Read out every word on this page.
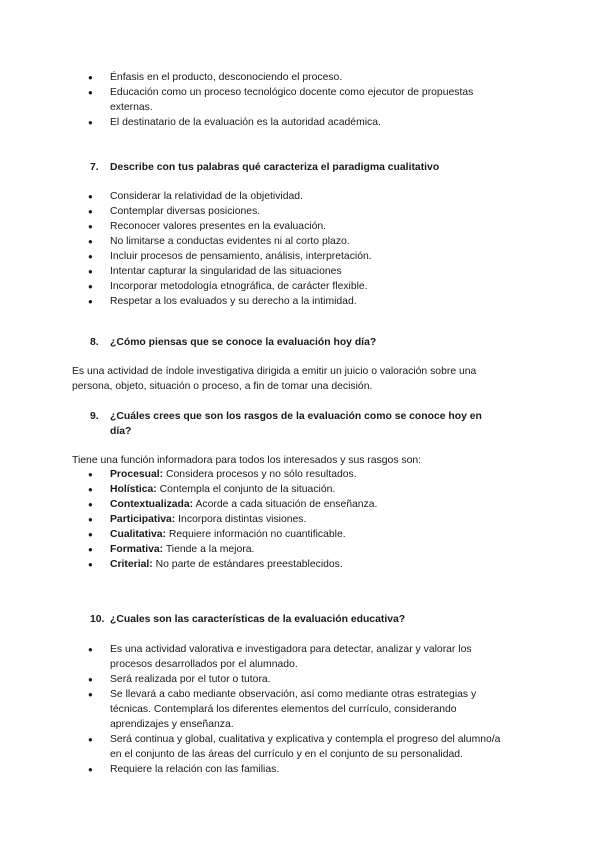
● Énfasis en el producto, desconociendo el proceso.
● Educación como un proceso tecnológico docente como ejecutor de propuestas externas.
● El destinatario de la evaluación es la autoridad académica.
7. Describe con tus palabras qué caracteriza el paradigma cualitativo
● Considerar la relatividad de la objetividad.
● Contemplar diversas posiciones.
● Reconocer valores presentes en la evaluación.
● No limitarse a conductas evidentes ni al corto plazo.
● Incluir procesos de pensamiento, análisis, interpretación.
● Intentar capturar la singularidad de las situaciones
● Incorporar metodología etnográfica, de carácter flexible.
● Respetar a los evaluados y su derecho a la intimidad.
8. ¿Cómo piensas que se conoce la evaluación hoy día?
Es una actividad de índole investigativa dirigida a emitir un juicio o valoración sobre una
persona, objeto, situación o proceso, a fin de tomar una decisión.
9.	¿Cuáles crees que son los rasgos de la evaluación como se conoce hoy en
día?
Tiene una función informadora para todos los interesados y sus rasgos son:
● Procesual: Considera procesos y no sólo resultados.
● Holística: Contempla el conjunto de la situación.
● Contextualizada: Acorde a cada situación de enseñanza.
● Participativa: Incorpora distintas visiones.
● Cualitativa: Requiere información no cuantificable.
● Formativa: Tiende a la mejora.
● Criterial: No parte de estándares preestablecidos.
10. ¿Cuales son las características de la evaluación educativa?
● Es una actividad valorativa e investigadora para detectar, analizar y valorar los
procesos desarrollados por el alumnado.
● Será realizada por el tutor o tutora.
● Se llevará a cabo mediante observación, así como mediante otras estrategias y
técnicas. Contemplará los diferentes elementos del currículo, considerando
aprendizajes y enseñanza.
● Será continua y global, cualitativa y explicativa y contempla el progreso del alumno/a
en el conjunto de las áreas del currículo y en el conjunto de su personalidad.
● Requiere la relación con las familias.
